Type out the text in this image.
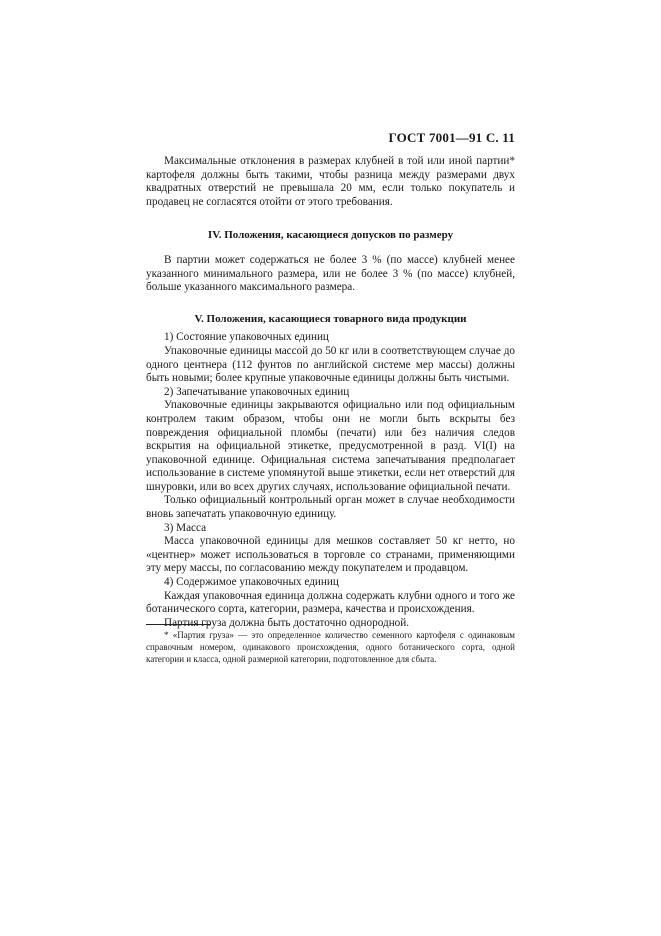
ГОСТ 7001—91 С. 11

Максимальные отклонения в размерах клубней в той или иной партии* картофеля должны быть такими, чтобы разница между размерами двух квадратных отверстий не превышала 20 мм, если только покупатель и продавец не согласятся отойти от этого требования.

IV. Положения, касающиеся допусков по размеру

В партии может содержаться не более 3 % (по массе) клубней менее указанного минимального размера, или не более 3 % (по массе) клубней, больше указанного максимального размера.

V. Положения, касающиеся товарного вида продукции

1) Состояние упаковочных единиц

Упаковочные единицы массой до 50 кг или в соответствующем случае до одного центнера (112 фунтов по английской системе мер массы) должны быть новыми; более крупные упаковочные единицы должны быть чистыми.

2) Запечатывание упаковочных единиц

Упаковочные единицы закрываются официально или под официальным контролем таким образом, чтобы они не могли быть вскрыты без повреждения официальной пломбы (печати) или без наличия следов вскрытия на официальной этикетке, предусмотренной в разд. VI(I) на упаковочной единице. Официальная система запечатывания предполагает использование в системе упомянутой выше этикетки, если нет отверстий для шнуровки, или во всех других случаях, использование официальной печати.

Только официальный контрольный орган может в случае необходимости вновь запечатать упаковочную единицу.

3) Масса

Масса упаковочной единицы для мешков составляет 50 кг нетто, но «центнер» может использоваться в торговле со странами, применяющими эту меру массы, по согласованию между покупателем и продавцом.

4) Содержимое упаковочных единиц

Каждая упаковочная единица должна содержать клубни одного и того же ботанического сорта, категории, размера, качества и происхождения.

Партия груза должна быть достаточно однородной.

* «Партия груза» — это определенное количество семенного картофеля с одинаковым справочным номером, одинакового происхождения, одного ботанического сорта, одной категории и класса, одной размерной категории, подготовленное для сбыта.
